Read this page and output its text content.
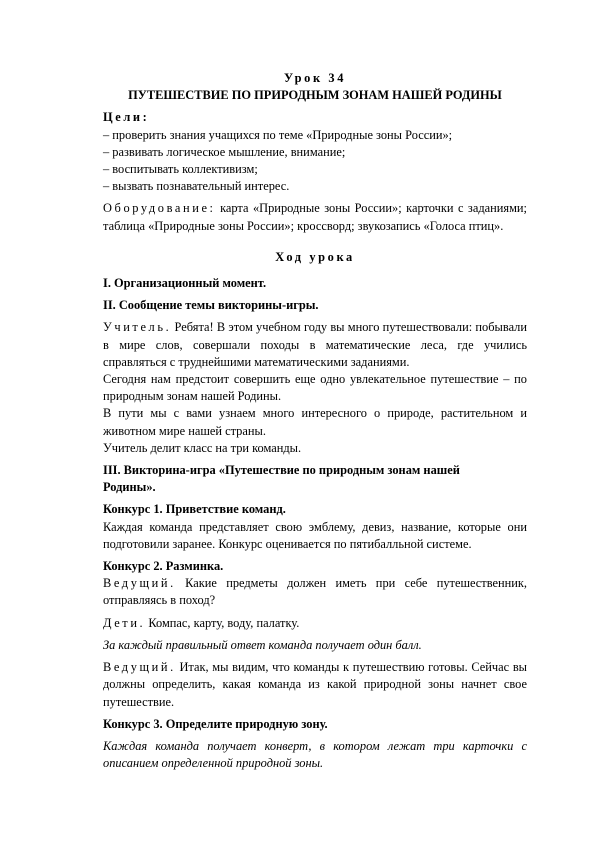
Урок 34

ПУТЕШЕСТВИЕ ПО ПРИРОДНЫМ ЗОНАМ НАШЕЙ РОДИНЫ

Цели:

– проверить знания учащихся по теме «Природные зоны России»;

– развивать логическое мышление, внимание;

– воспитывать коллективизм;

– вызвать познавательный интерес.

Оборудование: карта «Природные зоны России»; карточки с заданиями; таблица «Природные зоны России»; кроссворд; звукозапись «Голоса птиц».

Ход урока

I. Организационный момент.

II. Сообщение темы викторины-игры.

Учитель. Ребята! В этом учебном году вы много путешествовали: побывали в мире слов, совершали походы в математические леса, где учились справляться с труднейшими математическими заданиями.

Сегодня нам предстоит совершить еще одно увлекательное путешествие – по природным зонам нашей Родины.

В пути мы с вами узнаем много интересного о природе, растительном и животном мире нашей страны.

Учитель делит класс на три команды.

III. Викторина-игра «Путешествие по природным зонам нашей

Родины».

Конкурс 1. Приветствие команд.

Каждая команда представляет свою эмблему, девиз, название, которые они подготовили заранее. Конкурс оценивается по пятибалльной системе.

Конкурс 2. Разминка.

Ведущий. Какие предметы должен иметь при себе путешественник, отправляясь в поход?

Дети. Компас, карту, воду, палатку.

За каждый правильный ответ команда получает один балл.

Ведущий. Итак, мы видим, что команды к путешествию готовы. Сейчас вы должны определить, какая команда из какой природной зоны начнет свое путешествие.

Конкурс 3. Определите природную зону.

Каждая команда получает конверт, в котором лежат три карточки с описанием определенной природной зоны.
